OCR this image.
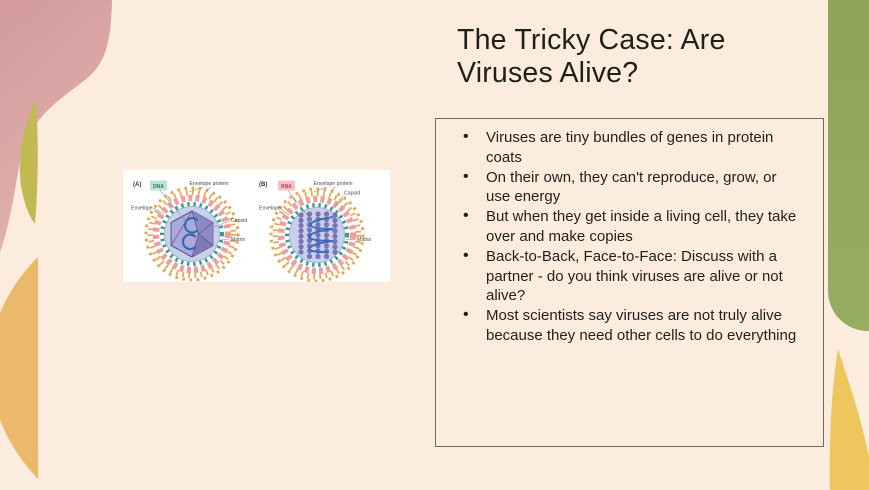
The Tricky Case: Are Viruses Alive?
• Viruses are tiny bundles of genes in protein coats
• On their own, they can't reproduce, grow, or use energy
• But when they get inside a living cell, they take over and make copies
• Back-to-Back, Face-to-Face: Discuss with a partner - do you think viruses are alive or not alive?
• Most scientists say viruses are not truly alive because they need other cells to do everything
(A) DNA	Envelope protein
Envelope
Capsid
Matrix
(B)	RNA	Envelope protein
Capsid
Envelope
Matrix
